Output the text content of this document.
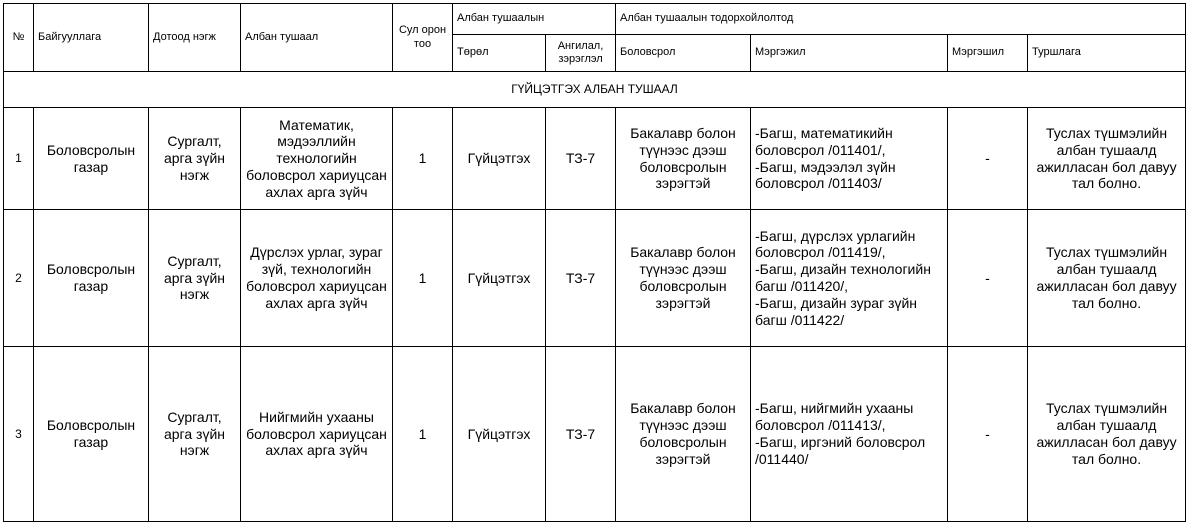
№	Байгууллага	Дотоод нэгж	Албан тушаал	Сул орон тоо	Албан тушаалын		Албан тушаалын тодорхойлолтод			
					Төрөл	Ангилал, зэрэглэл	Боловсрол	Мэргэжил	Мэргэшил	Туршлага
ГҮЙЦЭТГЭХ АЛБАН ТУШААЛ										
1	Боловсролын газар	Сургалт, арга зүйн нэгж	Математик, мэдээллийн технологийн боловсрол хариуцсан ахлах арга зүйч	1	Гүйцэтгэх	ТЗ-7	Бакалавр болон түүнээс дээш боловсролын зэрэгтэй	-Багш, математикийн боловсрол /011401/,
-Багш, мэдээлэл зүйн боловсрол /011403/	-	Туслах түшмэлийн албан тушаалд ажилласан бол давуу тал болно.
2	Боловсролын газар	Сургалт, арга зүйн нэгж	Дүрслэх урлаг, зураг зүй, технологийн боловсрол хариуцсан ахлах арга зүйч	1	Гүйцэтгэх	ТЗ-7	Бакалавр болон түүнээс дээш боловсролын зэрэгтэй	-Багш, дүрслэх урлагийн боловсрол /011419/,
-Багш, дизайн технологийн багш /011420/,
-Багш, дизайн зураг зүйн багш /011422/	-	Туслах түшмэлийн албан тушаалд ажилласан бол давуу тал болно.
3	Боловсролын газар	Сургалт, арга зүйн нэгж	Нийгмийн ухааны боловсрол хариуцсан ахлах арга зүйч	1	Гүйцэтгэх	ТЗ-7	Бакалавр болон түүнээс дээш боловсролын зэрэгтэй	-Багш, нийгмийн ухааны боловсрол /011413/,
-Багш, иргэний боловсрол /011440/	-	Туслах түшмэлийн албан тушаалд ажилласан бол давуу тал болно.
